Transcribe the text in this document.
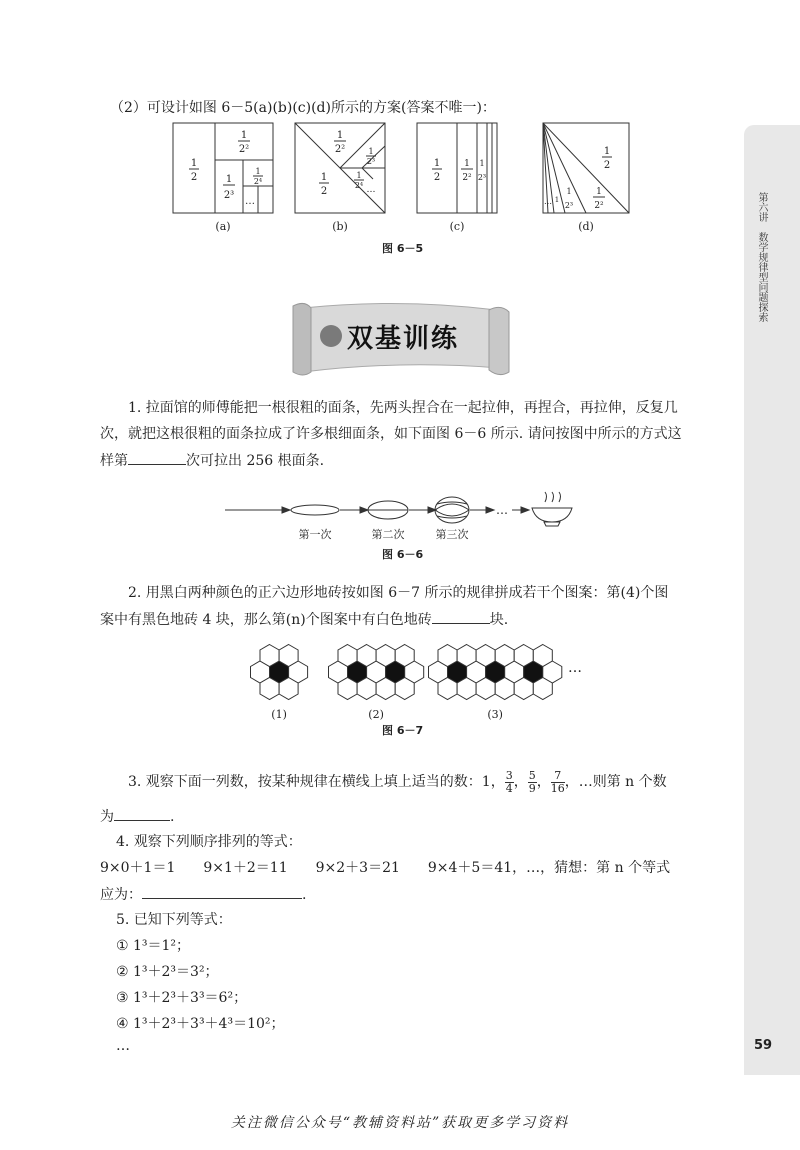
第六讲
数学规律型问题探索
59
（2）可设计如图 6－5(a)(b)(c)(d)所示的方案(答案不唯一)：
1
2
1
2²
1
2³
1
2⁴
…
1
2
1
2²	1
2³
1
2⁴ …
1
2
1
2²
1
2³
1
2
1
2²
1
2³
1
…
(a)	(b)	(c)	(d)
图 6－5
双基训练
1. 拉面馆的师傅能把一根很粗的面条，先两头捏合在一起拉伸，再捏合，再拉伸，反复几
次，就把这根很粗的面条拉成了许多根细面条，如下面图 6－6 所示. 请问按图中所示的方式这
样第	次可拉出 256 根面条.
…
第一次	第二次	第三次
图 6－6
2. 用黑白两种颜色的正六边形地砖按如图 6－7 所示的规律拼成若干个图案：第(4)个图
案中有黑色地砖 4 块，那么第(n)个图案中有白色地砖	块.
(1)	(2)	(3)
…
图 6－7
3. 观察下面一列数，按某种规律在横线上填上适当的数：1， $\frac{3}{4}$ ， $\frac{5}{9}$ ， $\frac{7}{16}$ ，…则第 n 个数
为	.
4. 观察下列顺序排列的等式：
9×0＋1＝1　　9×1＋2＝11　　9×2＋3＝21　　9×4＋5＝41，…，猜想：第 n 个等式
应为：	.
5. 已知下列等式：
① 1³＝1²；
② 1³＋2³＝3²；
③ 1³＋2³＋3³＝6²；
④ 1³＋2³＋3³＋4³＝10²；
…
关注微信公众号“教辅资料站”获取更多学习资料
